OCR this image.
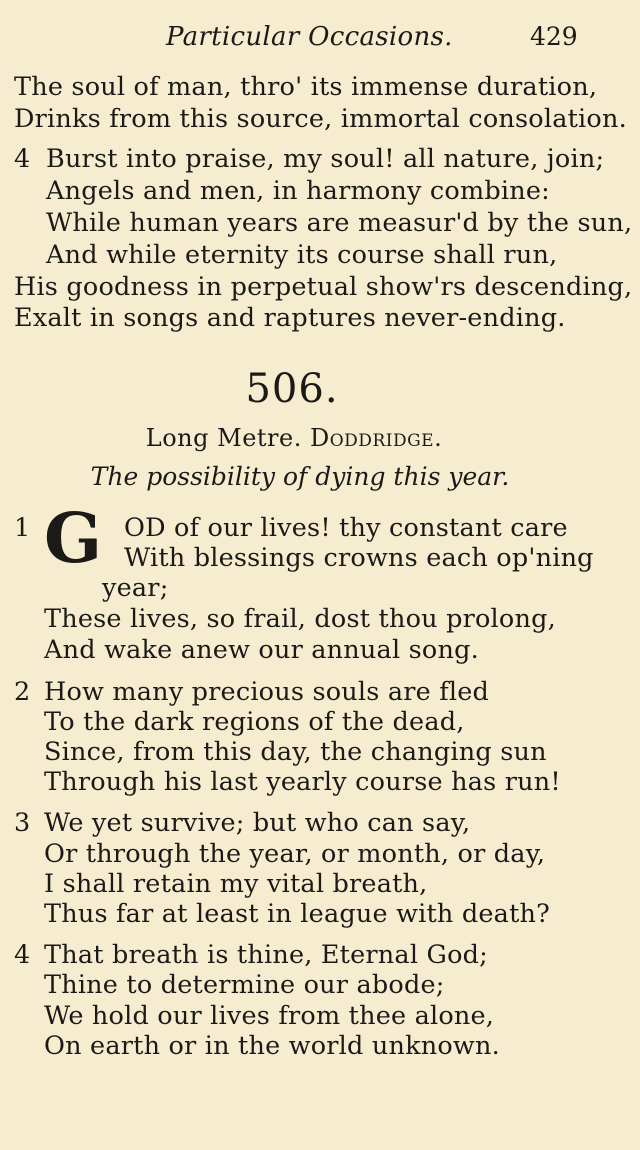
Particular Occasions.	429
The soul of man, thro' its immense duration,
Drinks from this source, immortal consolation.
4 Burst into praise, my soul! all nature, join;
Angels and men, in harmony combine:
While human years are measur'd by the sun,
And while eternity its course shall run,
His goodness in perpetual show'rs descending,
Exalt in songs and raptures never-ending.
506.
Long Metre. Doddridge.
The possibility of dying this year.
1 G OD of our lives! thy constant care
With blessings crowns each op'ning
year;
These lives, so frail, dost thou prolong,
And wake anew our annual song.
2 How many precious souls are fled
To the dark regions of the dead,
Since, from this day, the changing sun
Through his last yearly course has run!
3 We yet survive; but who can say,
Or through the year, or month, or day,
I shall retain my vital breath,
Thus far at least in league with death?
4 That breath is thine, Eternal God;
Thine to determine our abode;
We hold our lives from thee alone,
On earth or in the world unknown.
